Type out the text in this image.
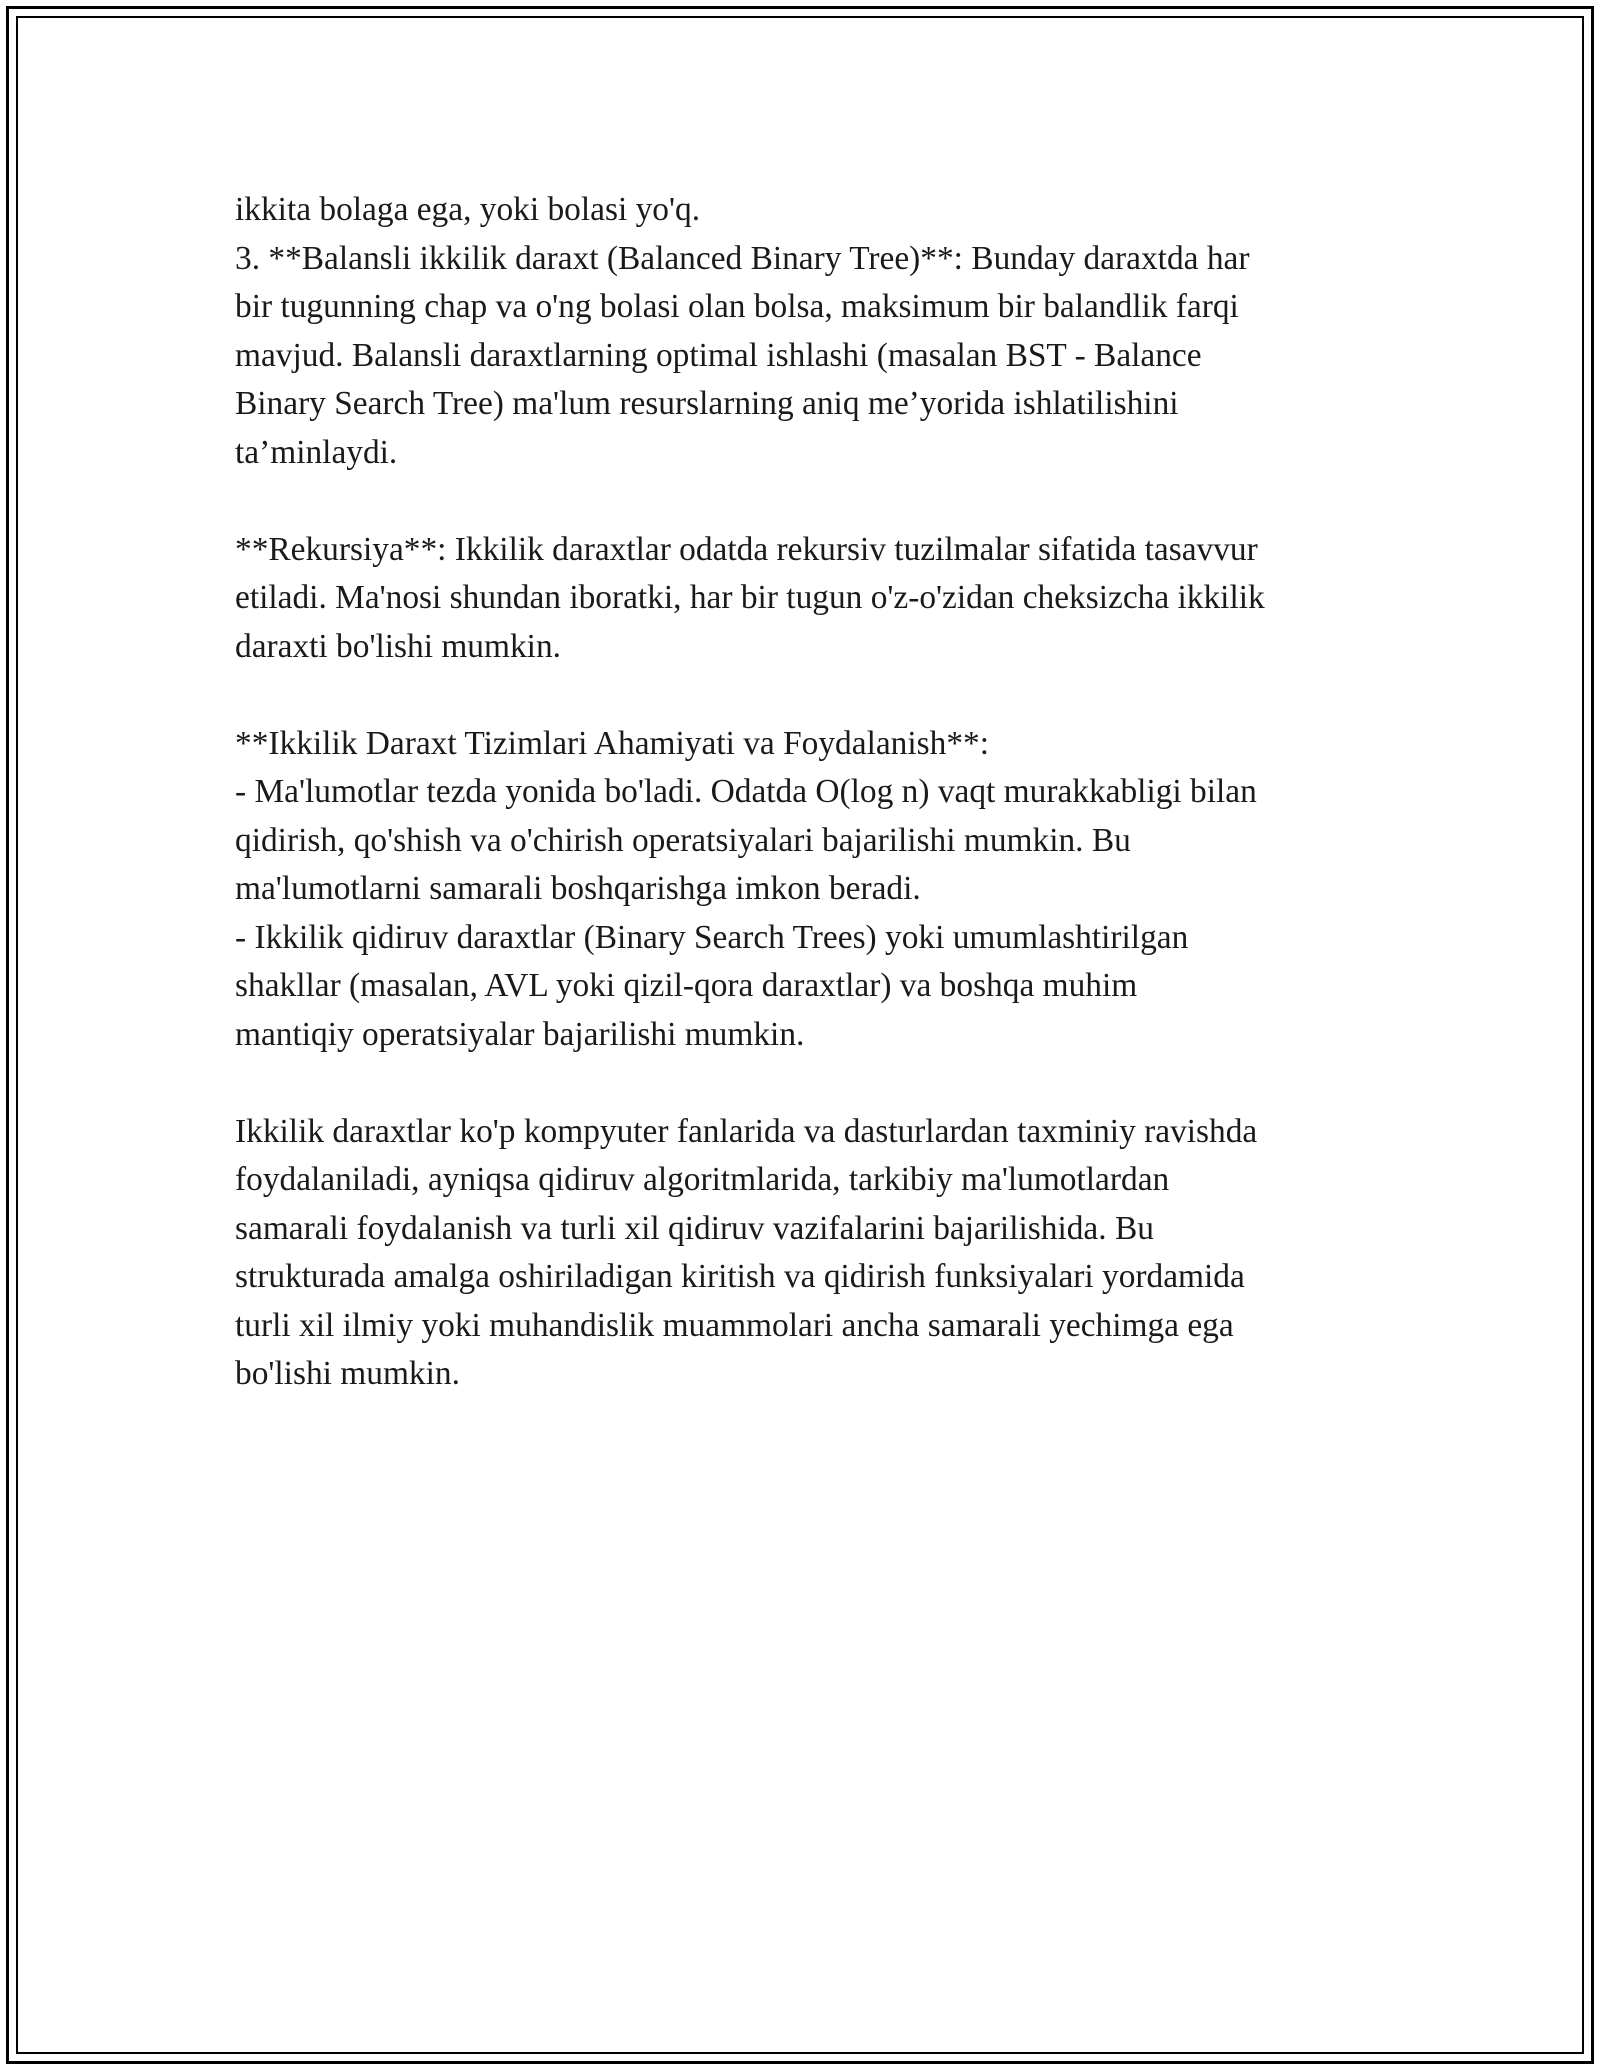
ikkita bolaga ega, yoki bolasi yo'q.
3. **Balansli ikkilik daraxt (Balanced Binary Tree)**: Bunday daraxtda har
bir tugunning chap va o'ng bolasi olan bolsa, maksimum bir balandlik farqi
mavjud. Balansli daraxtlarning optimal ishlashi (masalan BST - Balance
Binary Search Tree) ma'lum resurslarning aniq me’yorida ishlatilishini
ta’minlaydi.
**Rekursiya**: Ikkilik daraxtlar odatda rekursiv tuzilmalar sifatida tasavvur
etiladi. Ma'nosi shundan iboratki, har bir tugun o'z-o'zidan cheksizcha ikkilik
daraxti bo'lishi mumkin.
**Ikkilik Daraxt Tizimlari Ahamiyati va Foydalanish**:
- Ma'lumotlar tezda yonida bo'ladi. Odatda O(log n) vaqt murakkabligi bilan
qidirish, qo'shish va o'chirish operatsiyalari bajarilishi mumkin. Bu
ma'lumotlarni samarali boshqarishga imkon beradi.
- Ikkilik qidiruv daraxtlar (Binary Search Trees) yoki umumlashtirilgan
shakllar (masalan, AVL yoki qizil-qora daraxtlar) va boshqa muhim
mantiqiy operatsiyalar bajarilishi mumkin.
Ikkilik daraxtlar ko'p kompyuter fanlarida va dasturlardan taxminiy ravishda
foydalaniladi, ayniqsa qidiruv algoritmlarida, tarkibiy ma'lumotlardan
samarali foydalanish va turli xil qidiruv vazifalarini bajarilishida. Bu
strukturada amalga oshiriladigan kiritish va qidirish funksiyalari yordamida
turli xil ilmiy yoki muhandislik muammolari ancha samarali yechimga ega
bo'lishi mumkin.
